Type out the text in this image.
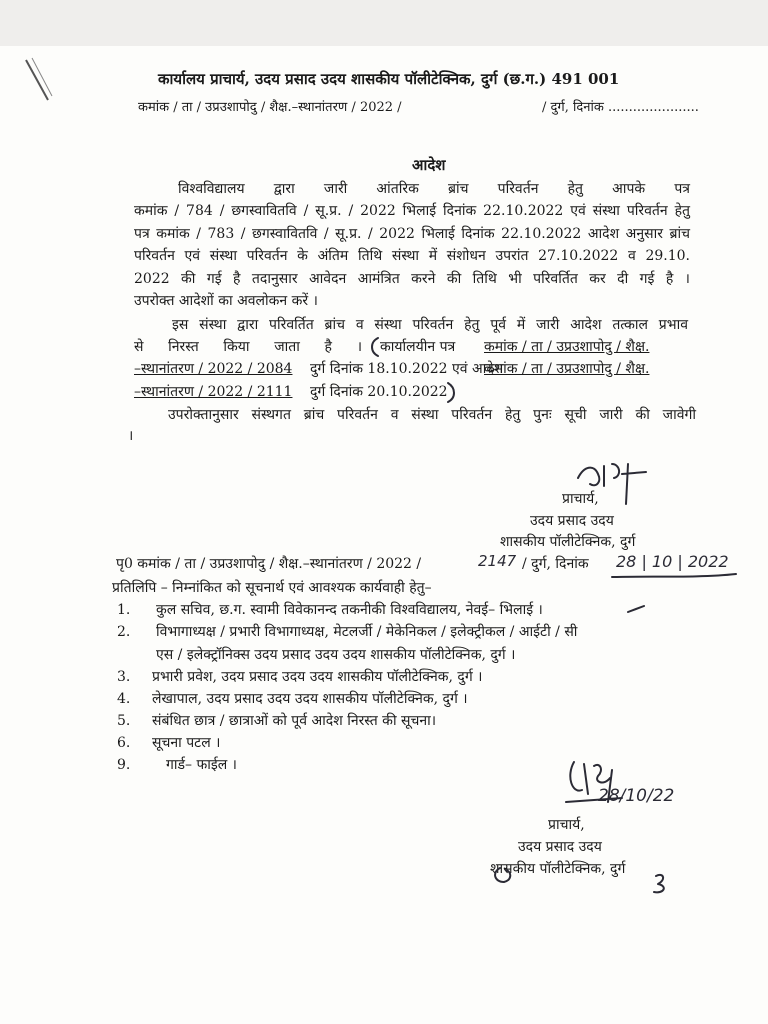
कार्यालय प्राचार्य, उदय प्रसाद उदय शासकीय पॉलीटेक्निक, दुर्ग (छ.ग.) 491 001
कमांक / ता / उप्रउशापोदु / शैक्ष.–स्थानांतरण / 2022 /	/ दुर्ग, दिनांक ......................
आदेश
विश्वविद्यालय द्वारा जारी आंतरिक ब्रांच परिवर्तन हेतु आपके पत्र
कमांक / 784 / छगस्वावितवि / सू.प्र. / 2022 भिलाई दिनांक 22.10.2022 एवं संस्था परिवर्तन हेतु
पत्र कमांक / 783 / छगस्वावितवि / सू.प्र. / 2022 भिलाई दिनांक 22.10.2022 आदेश अनुसार ब्रांच
परिवर्तन एवं संस्था परिवर्तन के अंतिम तिथि संस्था में संशोधन उपरांत 27.10.2022 व 29.10.
2022 की गई है तदानुसार आवेदन आमंत्रित करने की तिथि भी परिवर्तित कर दी गई है ।
उपरोक्त आदेशों का अवलोकन करें ।
इस संस्था द्वारा परिवर्तित ब्रांच व संस्था परिवर्तन हेतु पूर्व में जारी आदेश तत्काल प्रभाव
से निरस्त किया जाता है । कार्यालयीन पत्र कमांक / ता / उप्रउशापोदु / शैक्ष.
–स्थानांतरण / 2022 / 2084 दुर्ग दिनांक 18.10.2022 एवं आदेश
कमांक / ता / उप्रउशापोदु / शैक्ष.
–स्थानांतरण / 2022 / 2111 दुर्ग दिनांक 20.10.2022
उपरोक्तानुसार संस्थगत ब्रांच परिवर्तन व संस्था परिवर्तन हेतु पुनः सूची जारी की जावेगी
।
प्राचार्य,
उदय प्रसाद उदय
शासकीय पॉलीटेक्निक, दुर्ग
पृ0 कमांक / ता / उप्रउशापोदु / शैक्ष.–स्थानांतरण / 2022 /	2147 / दुर्ग, दिनांक 28 | 10 | 2022
प्रतिलिपि – निम्नांकित को सूचनार्थ एवं आवश्यक कार्यवाही हेतु–
1. कुल सचिव, छ.ग. स्वामी विवेकानन्द तकनीकी विश्वविद्यालय, नेवई– भिलाई ।
2. विभागाध्यक्ष / प्रभारी विभागाध्यक्ष, मेटलर्जी / मेकेनिकल / इलेक्ट्रीकल / आईटी / सी
एस / इलेक्ट्रॉनिक्स उदय प्रसाद उदय उदय शासकीय पॉलीटेक्निक, दुर्ग ।
3. प्रभारी प्रवेश, उदय प्रसाद उदय उदय शासकीय पॉलीटेक्निक, दुर्ग ।
4. लेखापाल, उदय प्रसाद उदय उदय शासकीय पॉलीटेक्निक, दुर्ग ।
5. संबंधित छात्र / छात्राओं को पूर्व आदेश निरस्त की सूचना।
6. सूचना पटल ।
9.	गार्ड– फाईल ।
28/10/22
प्राचार्य,
उदय प्रसाद उदय
शासकीय पॉलीटेक्निक, दुर्ग
